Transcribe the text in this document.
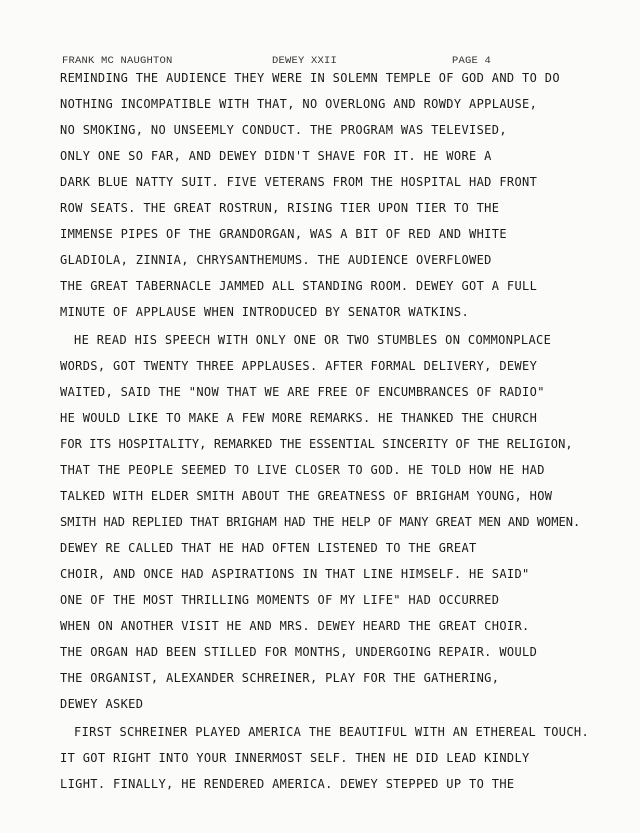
FRANK MC NAUGHTON	DEWEY XXII	PAGE 4
REMINDING THE AUDIENCE THEY WERE IN SOLEMN TEMPLE OF GOD AND TO DO
NOTHING INCOMPATIBLE WITH THAT, NO OVERLONG AND ROWDY APPLAUSE,
NO SMOKING, NO UNSEEMLY CONDUCT. THE PROGRAM WAS TELEVISED,
ONLY ONE SO FAR, AND DEWEY DIDN'T SHAVE FOR IT. HE WORE A
DARK BLUE NATTY SUIT. FIVE VETERANS FROM THE HOSPITAL HAD FRONT
ROW SEATS. THE GREAT ROSTRUN, RISING TIER UPON TIER TO THE
IMMENSE PIPES OF THE GRANDORGAN, WAS A BIT OF RED AND WHITE
GLADIOLA, ZINNIA, CHRYSANTHEMUMS. THE AUDIENCE OVERFLOWED
THE GREAT TABERNACLE JAMMED ALL STANDING ROOM. DEWEY GOT A FULL
MINUTE OF APPLAUSE WHEN INTRODUCED BY SENATOR WATKINS.
HE READ HIS SPEECH WITH ONLY ONE OR TWO STUMBLES ON COMMONPLACE
WORDS, GOT TWENTY THREE APPLAUSES. AFTER FORMAL DELIVERY, DEWEY
WAITED, SAID THE "NOW THAT WE ARE FREE OF ENCUMBRANCES OF RADIO"
HE WOULD LIKE TO MAKE A FEW MORE REMARKS. HE THANKED THE CHURCH
FOR ITS HOSPITALITY, REMARKED THE ESSENTIAL SINCERITY OF THE RELIGION,
THAT THE PEOPLE SEEMED TO LIVE CLOSER TO GOD. HE TOLD HOW HE HAD
TALKED WITH ELDER SMITH ABOUT THE GREATNESS OF BRIGHAM YOUNG, HOW
SMITH HAD REPLIED THAT BRIGHAM HAD THE HELP OF MANY GREAT MEN AND WOMEN.
DEWEY RE CALLED THAT HE HAD OFTEN LISTENED TO THE GREAT
CHOIR, AND ONCE HAD ASPIRATIONS IN THAT LINE HIMSELF. HE SAID"
ONE OF THE MOST THRILLING MOMENTS OF MY LIFE" HAD OCCURRED
WHEN ON ANOTHER VISIT HE AND MRS. DEWEY HEARD THE GREAT CHOIR.
THE ORGAN HAD BEEN STILLED FOR MONTHS, UNDERGOING REPAIR. WOULD
THE ORGANIST, ALEXANDER SCHREINER, PLAY FOR THE GATHERING,
DEWEY ASKED
FIRST SCHREINER PLAYED AMERICA THE BEAUTIFUL WITH AN ETHEREAL TOUCH.
IT GOT RIGHT INTO YOUR INNERMOST SELF. THEN HE DID LEAD KINDLY
LIGHT. FINALLY, HE RENDERED AMERICA. DEWEY STEPPED UP TO THE
